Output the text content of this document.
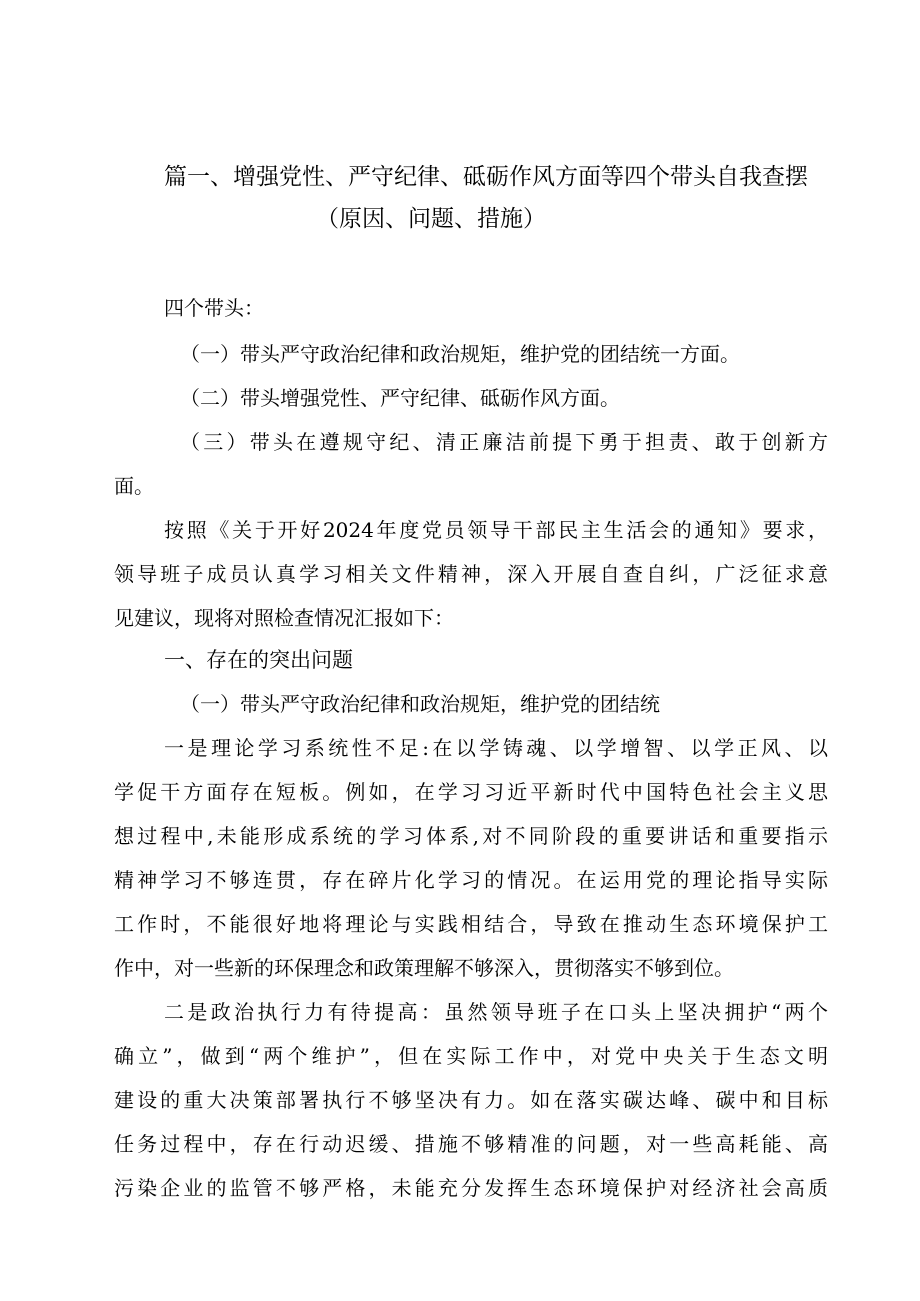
篇一、增强党性、严守纪律、砥砺作风方面等四个带头自我查摆
（原因、问题、措施）
四个带头：
（一）带头严守政治纪律和政治规矩，维护党的团结统一方面。
（二）带头增强党性、严守纪律、砥砺作风方面。
（三）带头在遵规守纪、清正廉洁前提下勇于担责、敢于创新方
面。
按照《关于开好2024年度党员领导干部民主生活会的通知》要求，
领导班子成员认真学习相关文件精神，深入开展自查自纠，广泛征求意
见建议，现将对照检查情况汇报如下：
一、存在的突出问题
（一）带头严守政治纪律和政治规矩，维护党的团结统
一是理论学习系统性不足:在以学铸魂、以学增智、以学正风、以
学促干方面存在短板。例如，在学习习近平新时代中国特色社会主义思
想过程中,未能形成系统的学习体系,对不同阶段的重要讲话和重要指示
精神学习不够连贯，存在碎片化学习的情况。在运用党的理论指导实际
工作时，不能很好地将理论与实践相结合，导致在推动生态环境保护工
作中，对一些新的环保理念和政策理解不够深入，贯彻落实不够到位。
二是政治执行力有待提高：虽然领导班子在口头上坚决拥护“两个
确立”，做到“两个维护”，但在实际工作中，对党中央关于生态文明
建设的重大决策部署执行不够坚决有力。如在落实碳达峰、碳中和目标
任务过程中，存在行动迟缓、措施不够精准的问题，对一些高耗能、高
污染企业的监管不够严格，未能充分发挥生态环境保护对经济社会高质
